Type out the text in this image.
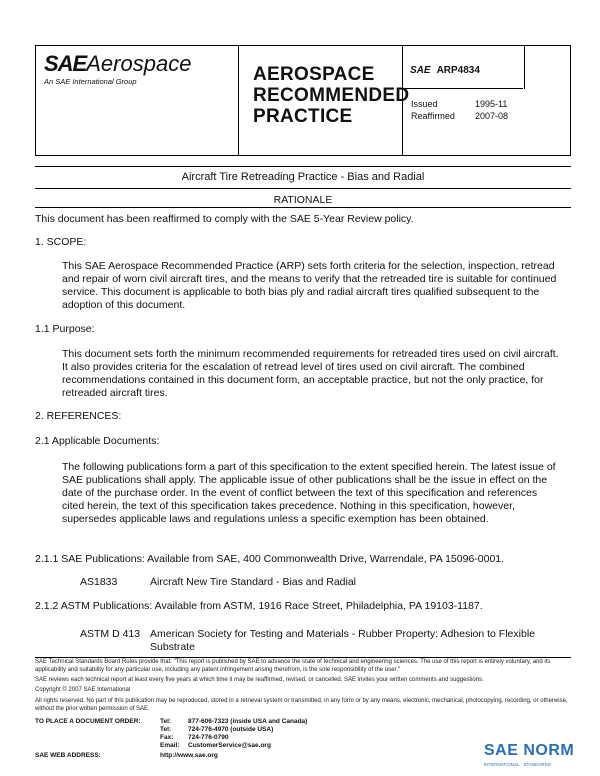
SAEAerospace
An SAE International Group	AEROSPACE
RECOMMENDED
PRACTICE
SAE ARP4834
Issued	1995-11
Reaffirmed 2007-08
Aircraft Tire Retreading Practice - Bias and Radial
RATIONALE
This document has been reaffirmed to comply with the SAE 5-Year Review policy.
1. SCOPE:
This SAE Aerospace Recommended Practice (ARP) sets forth criteria for the selection, inspection, retread and repair of worn civil aircraft tires, and the means to verify that the retreaded tire is suitable for continued service. This document is applicable to both bias ply and radial aircraft tires qualified subsequent to the adoption of this document.
1.1 Purpose:
This document sets forth the minimum recommended requirements for retreaded tires used on civil aircraft. It also provides criteria for the escalation of retread level of tires used on civil aircraft. The combined recommendations contained in this document form, an acceptable practice, but not the only practice, for retreaded aircraft tires.
2. REFERENCES:
2.1 Applicable Documents:
The following publications form a part of this specification to the extent specified herein. The latest issue of SAE publications shall apply. The applicable issue of other publications shall be the issue in effect on the date of the purchase order. In the event of conflict between the text of this specification and references cited herein, the text of this specification takes precedence. Nothing in this specification, however, supersedes applicable laws and regulations unless a specific exemption has been obtained.
2.1.1 SAE Publications: Available from SAE, 400 Commonwealth Drive, Warrendale, PA 15096-0001.
AS1833	Aircraft New Tire Standard - Bias and Radial
2.1.2 ASTM Publications: Available from ASTM, 1916 Race Street, Philadelphia, PA 19103-1187.
ASTM D 413 American Society for Testing and Materials - Rubber Property: Adhesion to Flexible Substrate
SAE Technical Standards Board Rules provide that: "This report is published by SAE to advance the state of technical and engineering sciences. The use of this report is entirely voluntary, and its applicability and suitability for any particular use, including any patent infringement arising therefrom, is the sole responsibility of the user."
SAE reviews each technical report at least every five years at which time it may be reaffirmed, revised, or cancelled. SAE invites your written comments and suggestions.
Copyright © 2007 SAE International
All rights reserved. No part of this publication may be reproduced, stored in a retrieval system or transmitted, in any form or by any means, electronic, mechanical, photocopying, recording, or otherwise, without the prior written permission of SAE.
TO PLACE A DOCUMENT ORDER:	Tel:	877-606-7323 (inside USA and Canada)
Tel:	724-776-4970 (outside USA)
Fax: 724-776-0790
Email: CustomerService@sae.org
SAE WEB ADDRESS:	http://www.sae.org	SAE NORM
INTERNATIONAL · STANDARDS
